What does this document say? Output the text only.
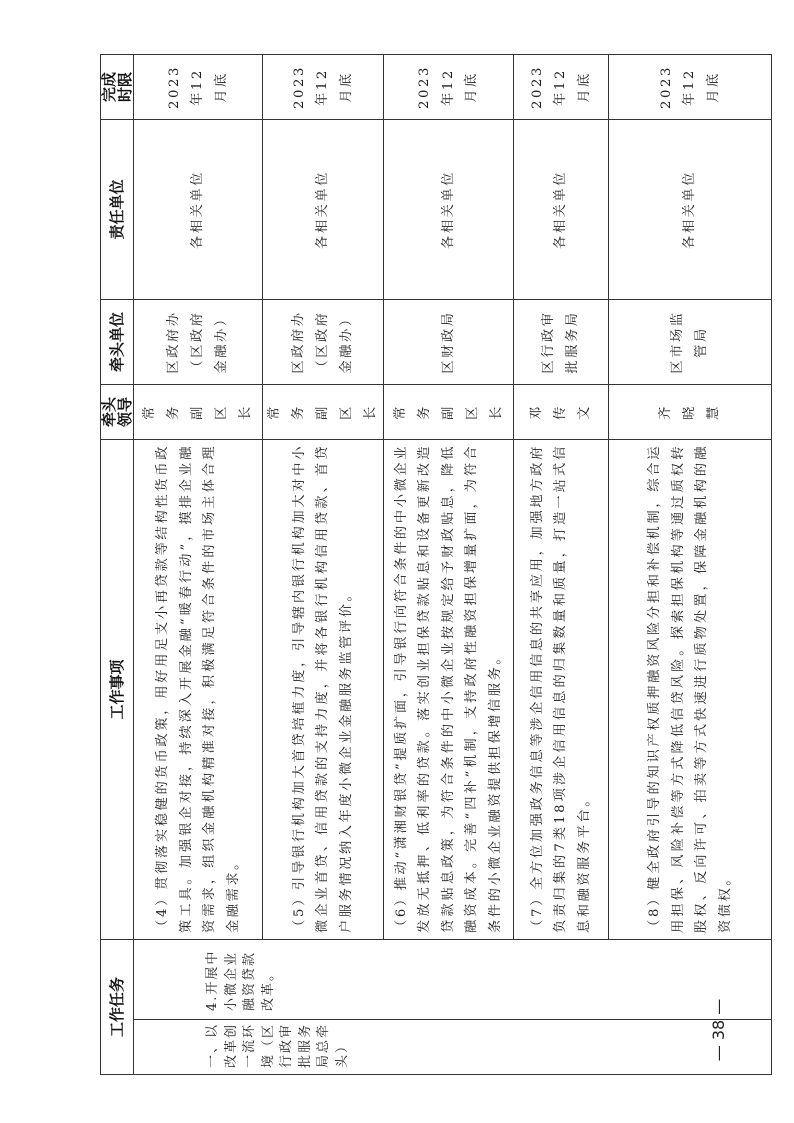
工作任务		工作事项	牵头领导	牵头单位	责任单位	完成时限
一、以改革创一流环境（区行政审批服务局总牵头）	4.开展中小微企业融资贷款改革。	（4）贯彻落实稳健的货币政策，用好用足支小再贷款等结构性货币政策工具。加强银企对接，持续深入开展金融“暖春行动”，摸排企业融资需求，组织金融机构精准对接，积极满足符合条件的市场主体合理金融需求。	常务副区长	区政府办（区政府金融办）	各相关单位	2023年12月底
		（5）引导银行机构加大首贷培植力度，引导辖内银行机构加大对中小微企业首贷、信用贷款的支持力度，并将各银行机构信用贷款、首贷户服务情况纳入年度小微企业金融服务监管评价。	常务副区长	区政府办（区政府金融办）	各相关单位	2023年12月底
		（6）推动“潇湘财银贷”提质扩面，引导银行向符合条件的中小微企业发放无抵押、低利率的贷款。落实创业担保贷款贴息和设备更新改造贷款贴息政策，为符合条件的中小微企业按规定给予财政贴息，降低融资成本。完善“四补”机制，支持政府性融资担保增量扩面，为符合条件的小微企业融资提供担保增信服务。	常务副区长	区财政局	各相关单位	2023年12月底
		（7）全方位加强政务信息等涉企信用信息的共享应用，加强地方政府负责归集的7类18项涉企信用信息的归集数量和质量，打造一站式信息和融资服务平台。	邓传文	区行政审批服务局	各相关单位	2023年12月底
		（8）健全政府引导的知识产权质押融资风险分担和补偿机制，综合运用担保、风险补偿等方式降低信贷风险。探索担保机构等通过质权转股权、反向许可、拍卖等方式快速进行质物处置，保障金融机构的融资债权。	齐晓慧	区市场监管局	各相关单位	2023年12月底
— 38 —
